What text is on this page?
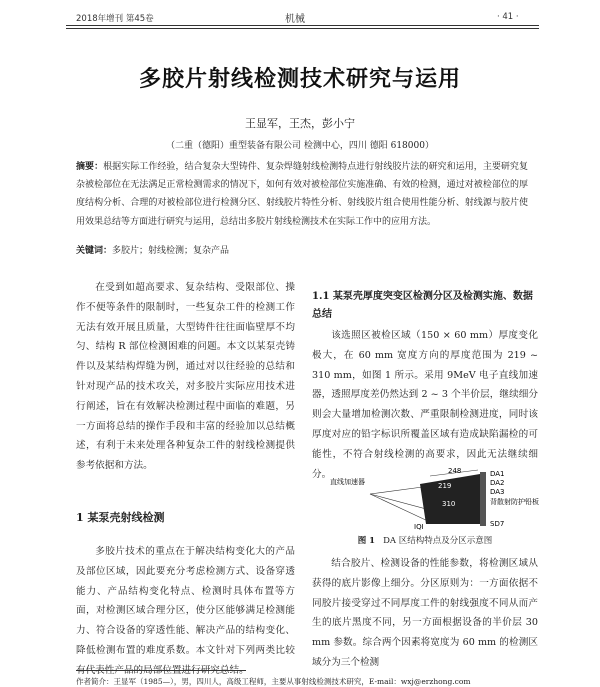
2018年增刊 第45卷	机械	· 41 ·
多胶片射线检测技术研究与运用
王显军，王杰，彭小宁
（二重（德阳）重型装备有限公司 检测中心，四川 德阳 618000）
摘要：根据实际工作经验，结合复杂大型铸件、复杂焊缝射线检测特点进行射线胶片法的研究和运用，主要研究复杂被检部位在无法满足正常检测需求的情况下，如何有效对被检部位实施准确、有效的检测，通过对被检部位的厚度结构分析、合理的对被检部位进行检测分区、射线胶片特性分析、射线胶片组合使用性能分析、射线源与胶片使用效果总结等方面进行研究与运用，总结出多胶片射线检测技术在实际工作中的应用方法。
关键词：多胶片；射线检测；复杂产品
在受到如超高要求、复杂结构、受限部位、操作不便等条件的限制时，一些复杂工件的检测工作无法有效开展且质量，大型铸件往往面临壁厚不均匀、结构 R 部位检测困难的问题。本文以某泵壳铸件以及某结构焊缝为例，通过对以往经验的总结和针对现产品的技术攻关，对多胶片实际应用技术进行阐述，旨在有效解决检测过程中面临的难题，另一方面将总结的操作手段和丰富的经验加以总结概述，有利于未来处理各种复杂工件的射线检测提供参考依据和方法。
1 某泵壳射线检测
多胶片技术的重点在于解决结构变化大的产品及部位区域，因此要充分考虑检测方式、设备穿透能力、产品结构变化特点、检测时具体布置等方面，对检测区域合理分区，使分区能够满足检测能力、符合设备的穿透性能、解决产品的结构变化、降低检测布置的难度系数。本文针对下列两类比较有代表性产品的局部位置进行研究总结。
1.1 某泵壳厚度突变区检测分区及检测实施、数据总结
该选照区被检区域（150 × 60 mm）厚度变化极大，在 60 mm 宽度方向的厚度范围为 219 ~ 310 mm，如图 1 所示。采用 9MeV 电子直线加速器，透照厚度差仍然达到 2 ~ 3 个半价层，继续细分则会大量增加检测次数、严重限制检测进度，同时该厚度对应的铅字标识所覆盖区域有造成缺陷漏检的可能性，不符合射线检测的高要求，因此无法继续细分。
直线加速器
248
219
310
DA1
DA2
DA3
背散射防护铅板
SD7
IQI
图 1 DA 区结构特点及分区示意图
结合胶片、检测设备的性能参数，将检测区域从获得的底片影像上细分。分区原则为：一方面依据不同胶片接受穿过不同厚度工件的射线强度不同从而产生的底片黑度不同，另一方面根据设备的半价层 30 mm 参数。综合两个因素将宽度为 60 mm 的检测区域分为三个检测
作者简介：王显军（1985—），男，四川人，高级工程师，主要从事射线检测技术研究，E-mail：wxj@erzhong.com
